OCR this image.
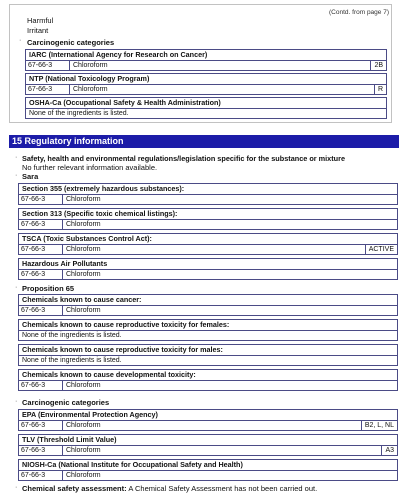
(Contd. from page 7)
Harmful
Irritant
· Carcinogenic categories
IARC (International Agency for Research on Cancer)
67-66-3	Chloroform	2B
NTP (National Toxicology Program)
67-66-3	Chloroform	R
OSHA-Ca (Occupational Safety & Health Administration)
None of the ingredients is listed.
15 Regulatory information
· Safety, health and environmental regulations/legislation specific for the substance or mixture
No further relevant information available.
· Sara
Section 355 (extremely hazardous substances):
67-66-3	Chloroform
Section 313 (Specific toxic chemical listings):
67-66-3	Chloroform
TSCA (Toxic Substances Control Act):
67-66-3	Chloroform	ACTIVE
Hazardous Air Pollutants
67-66-3	Chloroform
· Proposition 65
Chemicals known to cause cancer:
67-66-3	Chloroform
Chemicals known to cause reproductive toxicity for females:
None of the ingredients is listed.
Chemicals known to cause reproductive toxicity for males:
None of the ingredients is listed.
Chemicals known to cause developmental toxicity:
67-66-3	Chloroform
· Carcinogenic categories
EPA (Environmental Protection Agency)
67-66-3	Chloroform	B2, L, NL
TLV (Threshold Limit Value)
67-66-3	Chloroform	A3
NIOSH-Ca (National Institute for Occupational Safety and Health)
67-66-3	Chloroform
· Chemical safety assessment: A Chemical Safety Assessment has not been carried out.
